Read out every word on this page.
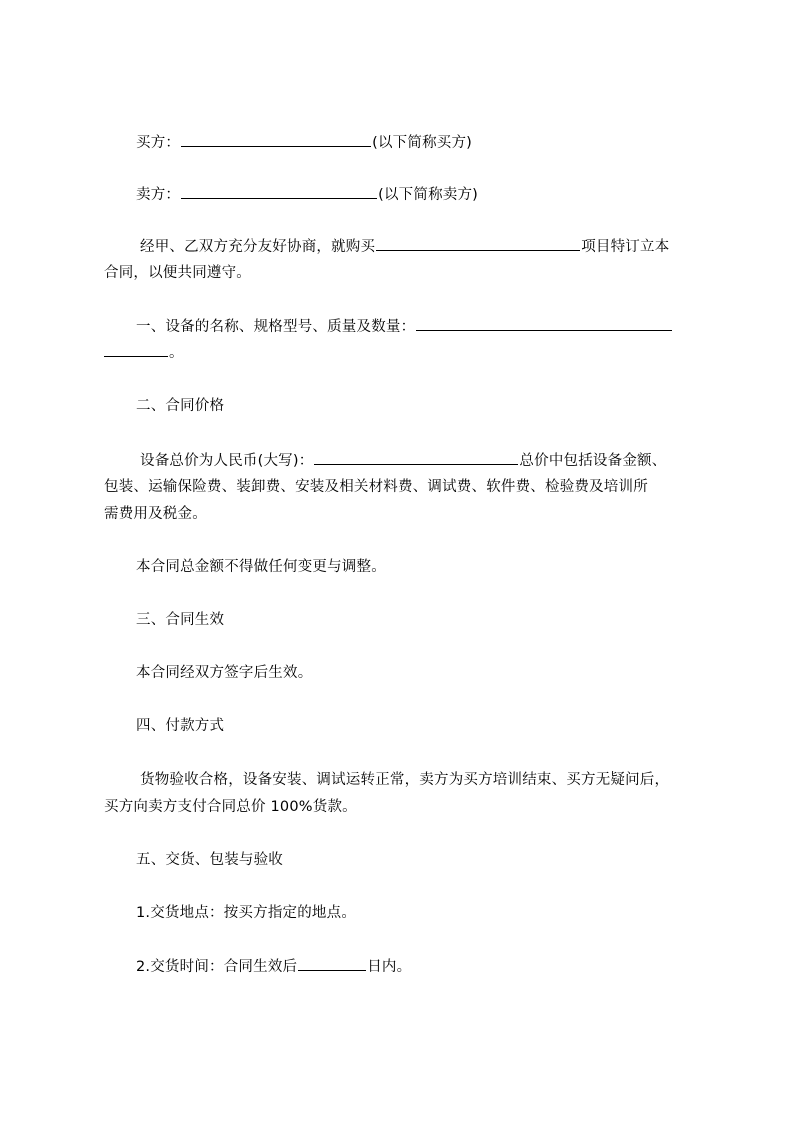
买方：	(以下简称买方)
卖方：	(以下简称卖方)
经甲、乙双方充分友好协商，就购买	项目特订立本
合同，以便共同遵守。
一、设备的名称、规格型号、质量及数量：
。
二、合同价格
设备总价为人民币(大写)：	总价中包括设备金额、
包装、运输保险费、装卸费、安装及相关材料费、调试费、软件费、检验费及培训所
需费用及税金。
本合同总金额不得做任何变更与调整。
三、合同生效
本合同经双方签字后生效。
四、付款方式
货物验收合格，设备安装、调试运转正常，卖方为买方培训结束、买方无疑问后，
买方向卖方支付合同总价 100%货款。
五、交货、包装与验收
1.交货地点：按买方指定的地点。
2.交货时间：合同生效后	日内。
